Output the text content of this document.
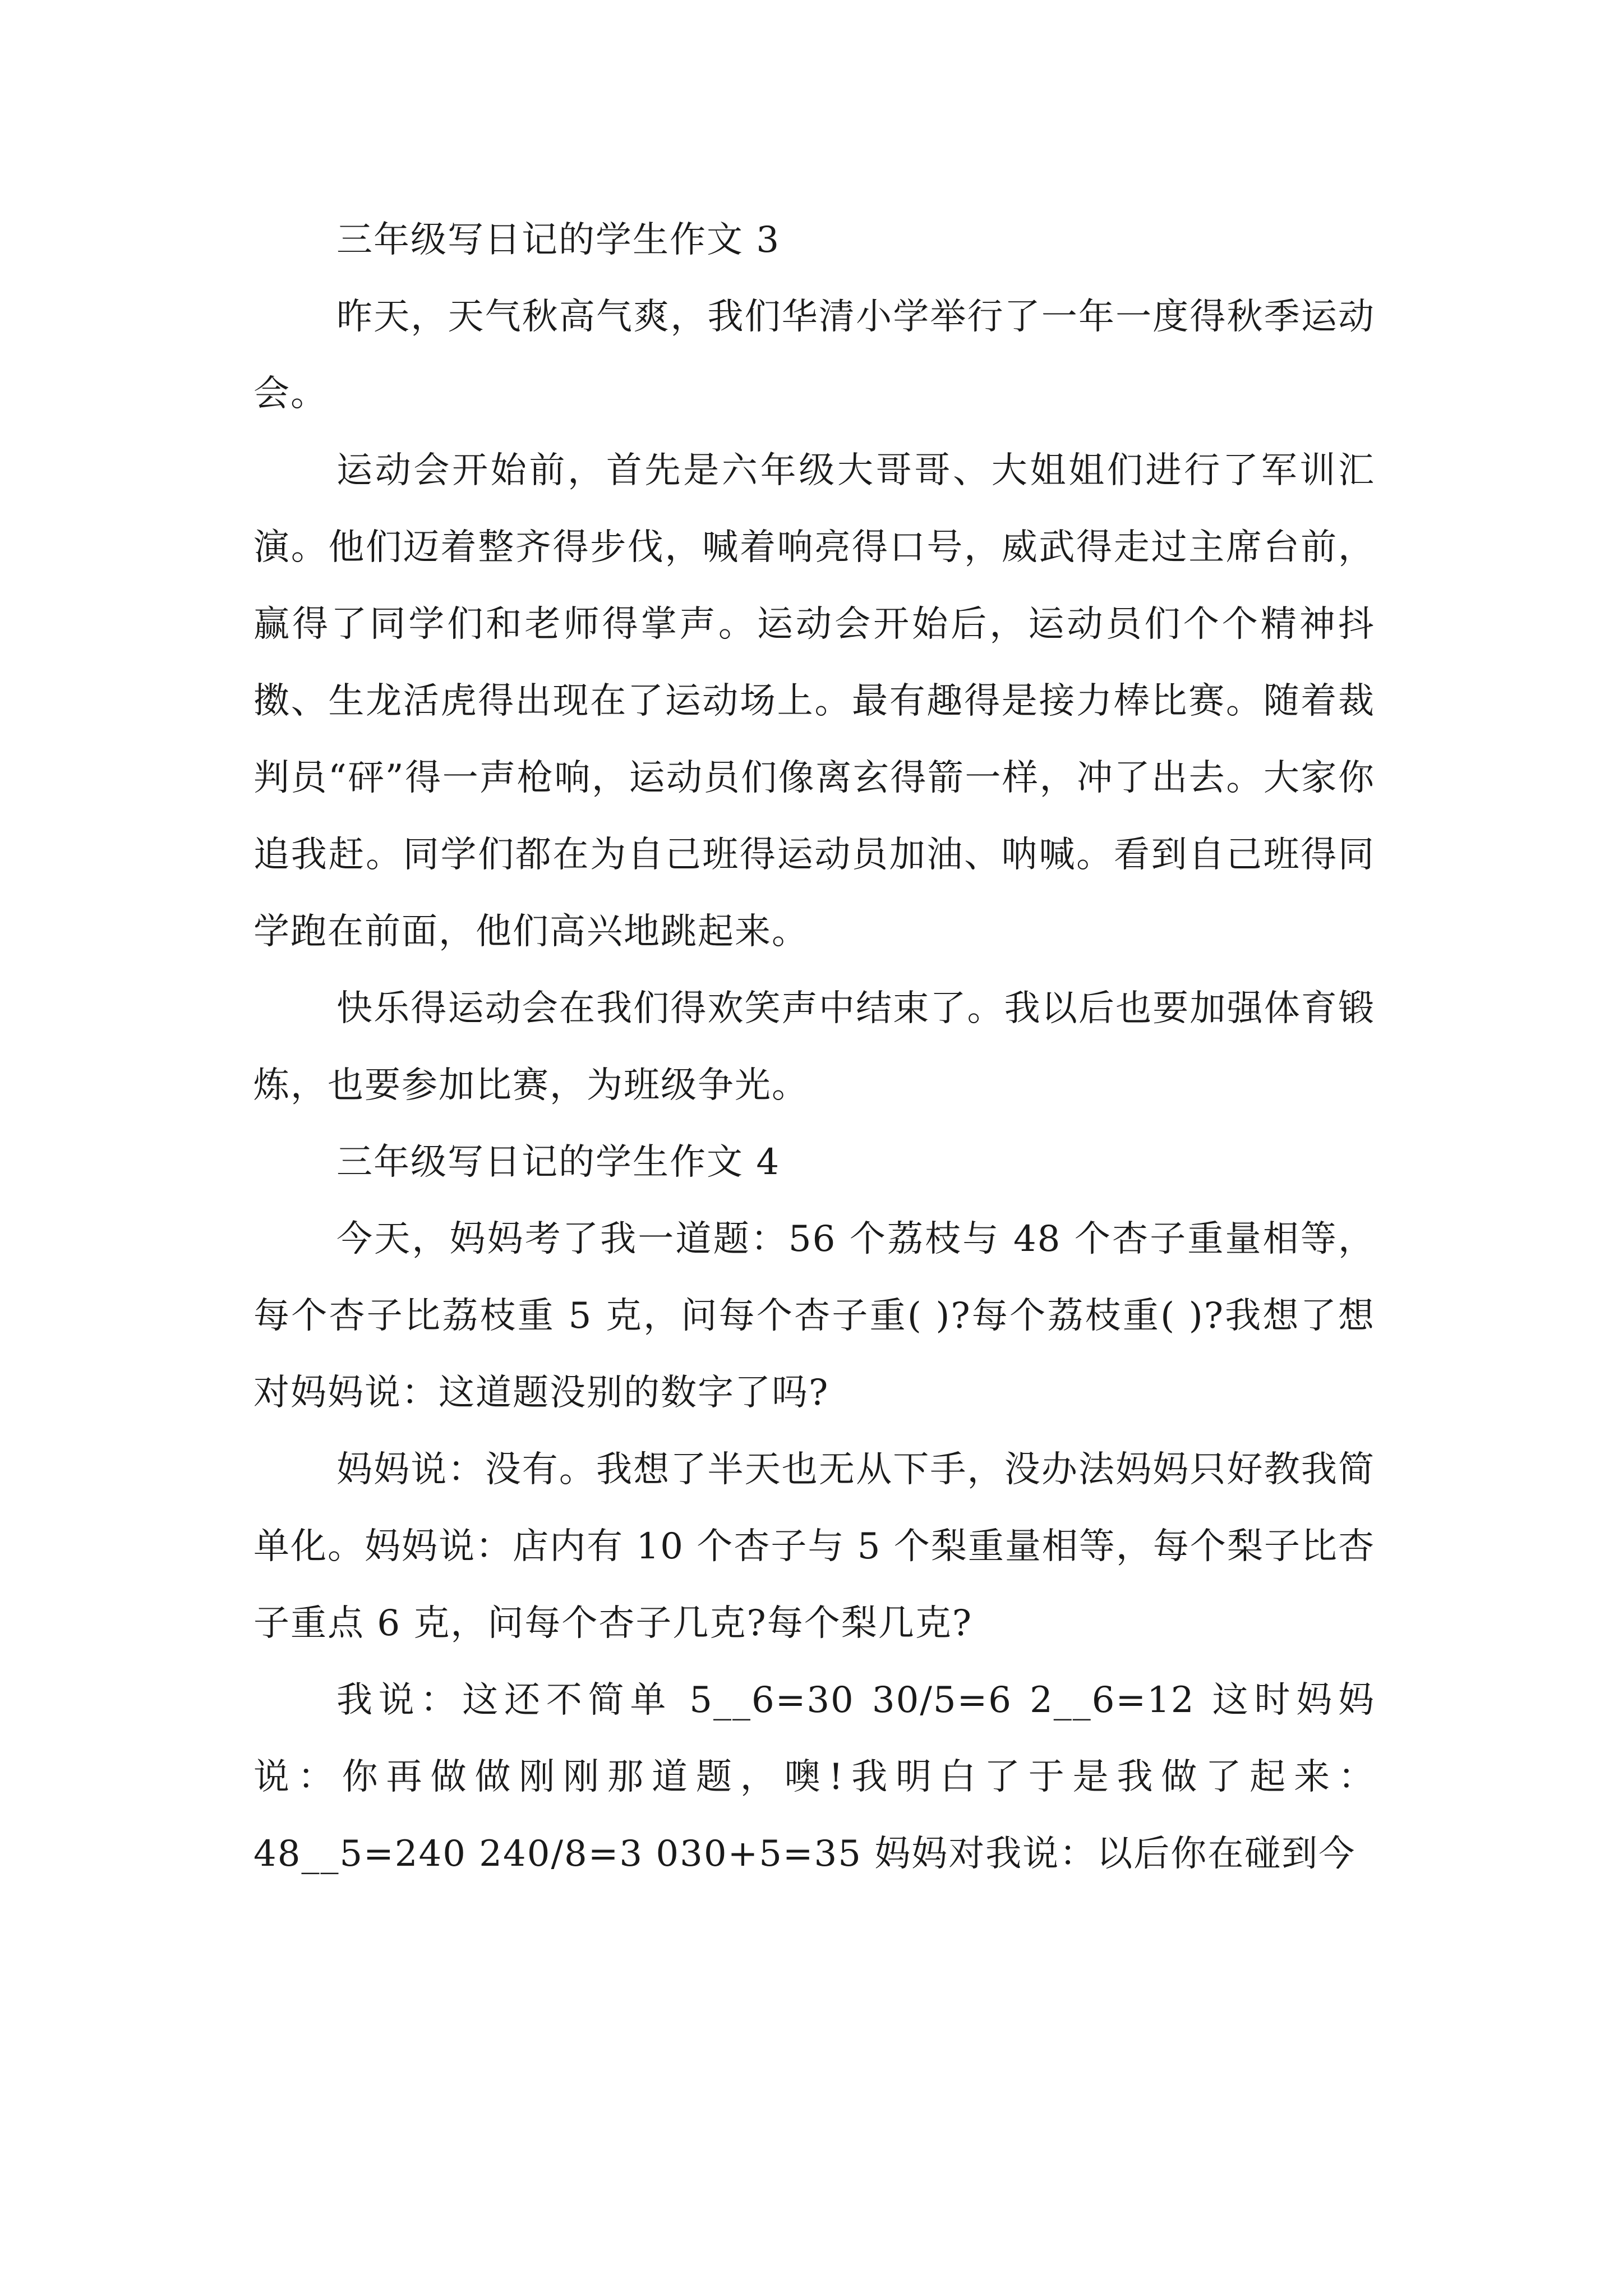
三年级写日记的学生作文 3

昨天，天气秋高气爽，我们华清小学举行了一年一度得秋季运动会。

运动会开始前，首先是六年级大哥哥、大姐姐们进行了军训汇演。他们迈着整齐得步伐，喊着响亮得口号，威武得走过主席台前，赢得了同学们和老师得掌声。运动会开始后，运动员们个个精神抖擞、生龙活虎得出现在了运动场上。最有趣得是接力棒比赛。随着裁判员“砰”得一声枪响，运动员们像离玄得箭一样，冲了出去。大家你追我赶。同学们都在为自己班得运动员加油、呐喊。看到自己班得同学跑在前面，他们高兴地跳起来。

快乐得运动会在我们得欢笑声中结束了。我以后也要加强体育锻炼，也要参加比赛，为班级争光。

三年级写日记的学生作文 4

今天，妈妈考了我一道题：56 个荔枝与 48 个杏子重量相等，每个杏子比荔枝重 5 克，问每个杏子重( )?每个荔枝重( )?我想了想对妈妈说：这道题没别的数字了吗?

妈妈说：没有。我想了半天也无从下手，没办法妈妈只好教我简单化。妈妈说：店内有 10 个杏子与 5 个梨重量相等，每个梨子比杏子重点 6 克，问每个杏子几克?每个梨几克?

我说：这还不简单 5__6=30 30/5=6 2__6=12 这时妈妈说：你再做做刚刚那道题，噢!我明白了于是我做了起来：48__5=240 240/8=3 030+5=35 妈妈对我说：以后你在碰到今
